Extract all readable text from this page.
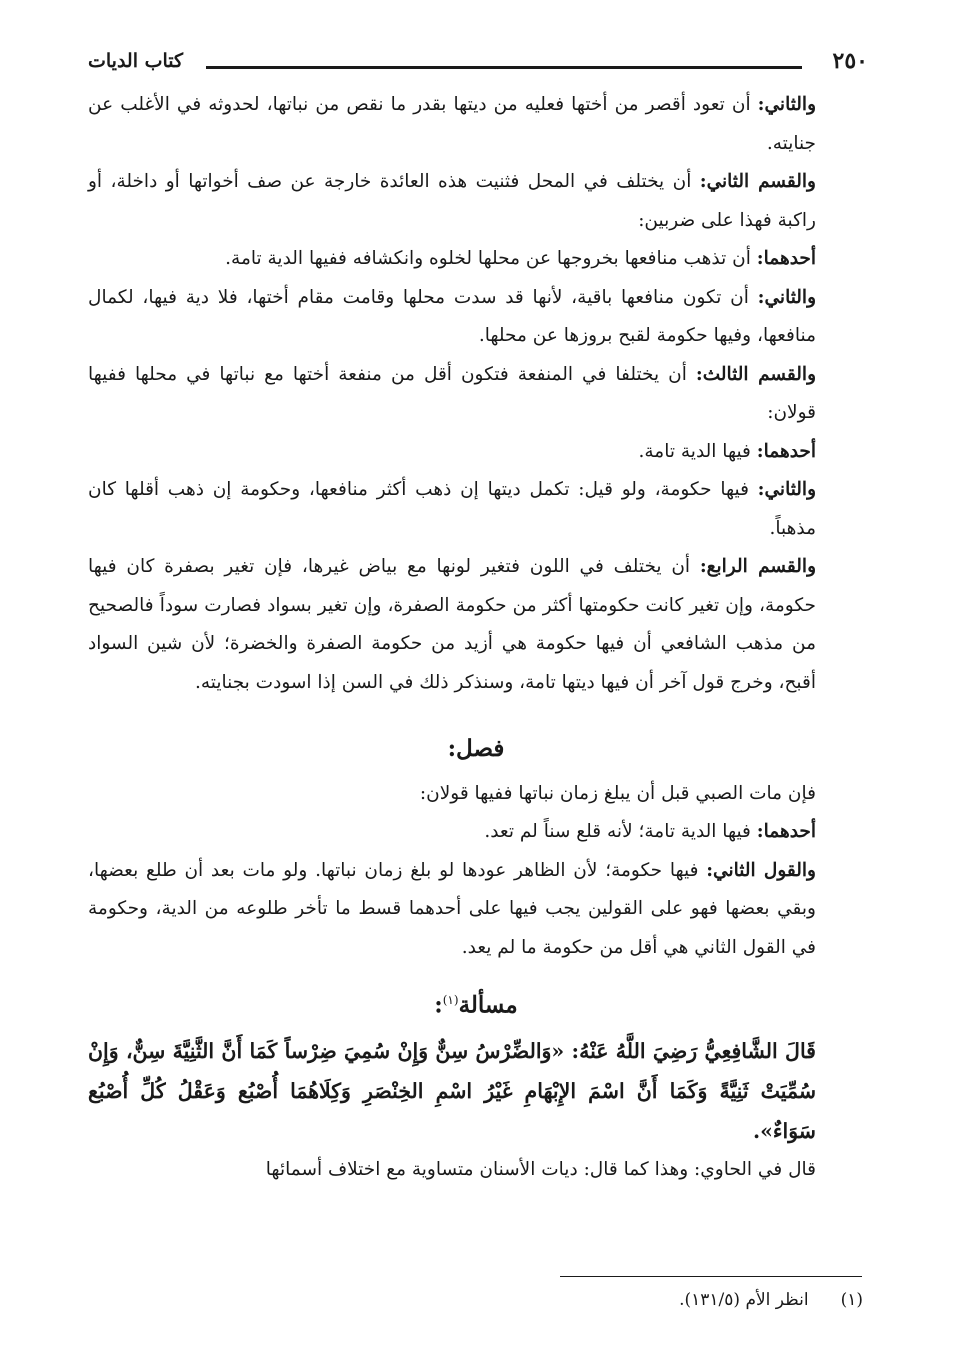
٢٥٠
كتاب الديات

والثاني: أن تعود أقصر من أختها فعليه من ديتها بقدر ما نقص من نباتها، لحدوثه في الأغلب عن جنايته.

والقسم الثاني: أن يختلف في المحل فثنيت هذه العائدة خارجة عن صف أخواتها أو داخلة، أو راكبة فهذا على ضربين:

أحدهما: أن تذهب منافعها بخروجها عن محلها لخلوه وانكشافه ففيها الدية تامة.

والثاني: أن تكون منافعها باقية، لأنها قد سدت محلها وقامت مقام أختها، فلا دية فيها، لكمال منافعها، وفيها حكومة لقبح بروزها عن محلها.

والقسم الثالث: أن يختلفا في المنفعة فتكون أقل من منفعة أختها مع نباتها في محلها ففيها قولان:

أحدهما: فيها الدية تامة.

والثاني: فيها حكومة، ولو قيل: تكمل ديتها إن ذهب أكثر منافعها، وحكومة إن ذهب أقلها كان مذهباً.

والقسم الرابع: أن يختلف في اللون فتغير لونها مع بياض غيرها، فإن تغير بصفرة كان فيها حكومة، وإن تغير كانت حكومتها أكثر من حكومة الصفرة، وإن تغير بسواد فصارت سوداً فالصحيح من مذهب الشافعي أن فيها حكومة هي أزيد من حكومة الصفرة والخضرة؛ لأن شين السواد أقبح، وخرج قول آخر أن فيها ديتها تامة، وسنذكر ذلك في السن إذا اسودت بجنايته.

فصل:

فإن مات الصبي قبل أن يبلغ زمان نباتها ففيها قولان:

أحدهما: فيها الدية تامة؛ لأنه قلع سناً لم تعد.

والقول الثاني: فيها حكومة؛ لأن الظاهر عودها لو بلغ زمان نباتها. ولو مات بعد أن طلع بعضها، وبقي بعضها فهو على القولين يجب فيها على أحدهما قسط ما تأخر طلوعه من الدية، وحكومة في القول الثاني هي أقل من حكومة ما لم يعد.

مسألة$^{(١)}$:

قَالَ الشَّافِعِيُّ رَضِيَ اللَّهُ عَنْهُ: «وَالضِّرْسُ سِنٌّ وَإِنْ سُمِيَ ضِرْساً كَمَا أَنَّ الثَّنِيَّةَ سِنٌّ، وَإِنْ سُمِّيَتْ ثَنِيَّةً وَكَمَا أَنَّ اسْمَ الإِبْهَامِ غَيْرُ اسْمِ الخِنْصَرِ وَكِلَاهُمَا أُصْبُع وَعَقْلُ كُلِّ أُصْبُع سَوَاءٌ».

قال في الحاوي: وهذا كما قال: ديات الأسنان متساوية مع اختلاف أسمائها

(١)انظر الأم (١٣١/٥).
